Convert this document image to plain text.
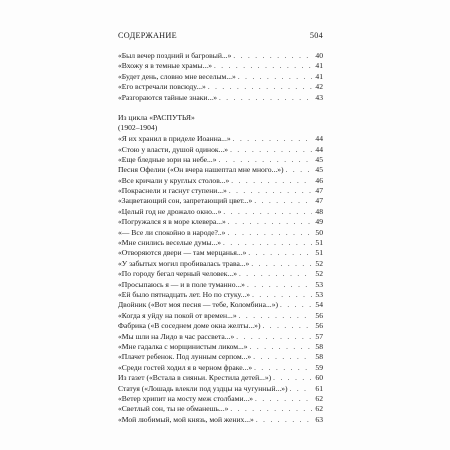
СОДЕРЖАНИЕ	504
«Был вечер поздний и багровый...» . . .	40
«Вхожу я в темные храмы...» . . .	41
«Будет день, словно мне веселым...» . . .	41
«Его встречали повсюду...» . . .	42
«Разгораются тайные знаки...» . . .	43
Из цикла «РАСПУТЬЯ»
(1902–1904)
«Я их хранил в приделе Иоанна...» . . .	44
«Стою у власти, душой одинок...» . . .	44
«Еще бледные зори на небе...» . . .	45
Песня Офелии («Он вчера нашептал мне много...») . . .	45
«Все кричали у круглых столов...» . . .	46
«Покраснели и гаснут ступени...» . . .	47
«Зацветающий сон, запретающий цвет...» . . .	47
«Целый год не дрожало окно...» . . .	48
«Погружался я в море клевера...» . . .	49
«— Все ли спокойно в народе?..» . . .	50
«Мне снились веселые думы...» . . .	51
«Отворяются двери — там мерцанья...» . . .	51
«У забытых могил пробивалась трава...» . . .	52
«По городу бегал черный человек...» . . .	52
«Просыпаюсь я — и в поле туманно...» . . .	53
«Ей было пятнадцать лет. Но по стуку...» . . .	53
Двойник («Вот моя песня — тебе, Коломбина...») . . .	54
«Когда я уйду на покой от времен...» . . .	56
Фабрика («В соседнем доме окна желты...») . . .	56
«Мы шли на Лидо в час рассвета...» . . .	57
«Мне гадалка с морщинистым ликом...» . . .	58
«Плачет ребенок. Под лунным серпом...» . . .	58
«Среди гостей ходил я в черном фраке...» . . .	59
Из газет («Встала в сияньи. Крестила детей...») . . .	60
Статуя («Лошадь влекли под уздцы на чугунный...») . . .	61
«Ветер хрипит на мосту меж столбами...» . . .	62
«Светлый сон, ты не обманешь...» . . .	62
«Мой любимый, мой князь, мой жених...» . . .	63
